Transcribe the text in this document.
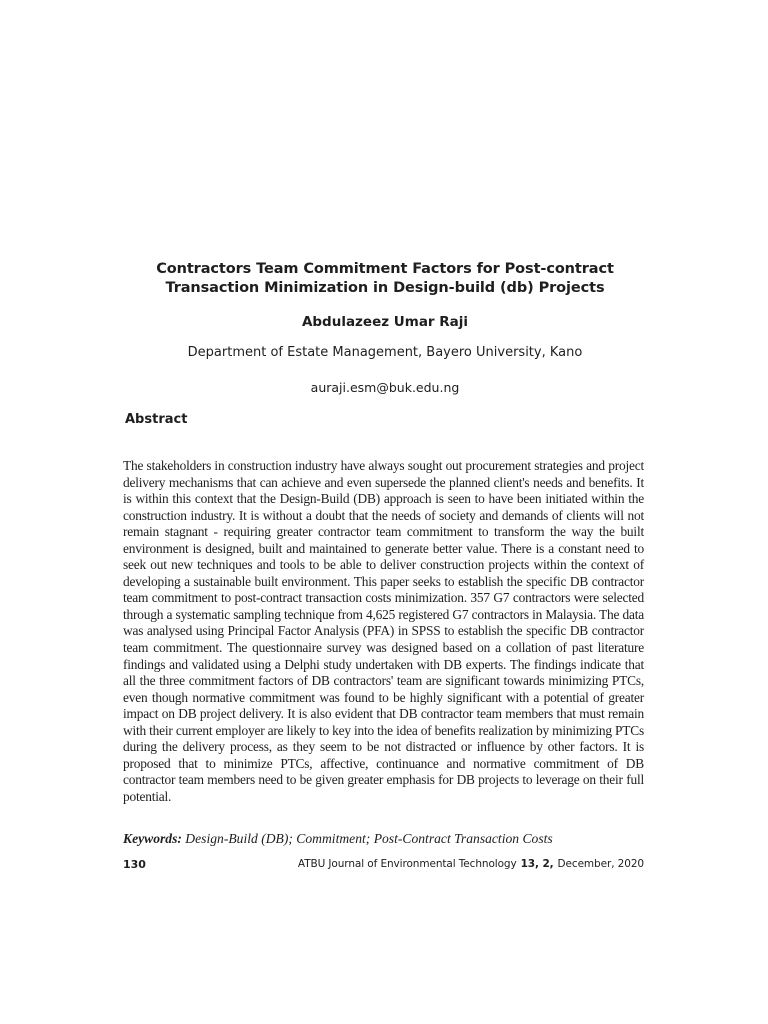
Contractors Team Commitment Factors for Post-contract
Transaction Minimization in Design-build (db) Projects
Abdulazeez Umar Raji
Department of Estate Management, Bayero University, Kano
auraji.esm@buk.edu.ng
Abstract
The stakeholders in construction industry have always sought out procurement strategies and project delivery mechanisms that can achieve and even supersede the planned client's needs and benefits. It is within this context that the Design-Build (DB) approach is seen to have been initiated within the construction industry. It is without a doubt that the needs of society and demands of clients will not remain stagnant - requiring greater contractor team commitment to transform the way the built environment is designed, built and maintained to generate better value. There is a constant need to seek out new techniques and tools to be able to deliver construction projects within the context of developing a sustainable built environment. This paper seeks to establish the specific DB contractor team commitment to post-contract transaction costs minimization. 357 G7 contractors were selected through a systematic sampling technique from 4,625 registered G7 contractors in Malaysia. The data was analysed using Principal Factor Analysis (PFA) in SPSS to establish the specific DB contractor team commitment. The questionnaire survey was designed based on a collation of past literature findings and validated using a Delphi study undertaken with DB experts. The findings indicate that all the three commitment factors of DB contractors' team are significant towards minimizing PTCs, even though normative commitment was found to be highly significant with a potential of greater impact on DB project delivery. It is also evident that DB contractor team members that must remain with their current employer are likely to key into the idea of benefits realization by minimizing PTCs during the delivery process, as they seem to be not distracted or influence by other factors. It is proposed that to minimize PTCs, affective, continuance and normative commitment of DB contractor team members need to be given greater emphasis for DB projects to leverage on their full potential.
Keywords: Design-Build (DB); Commitment; Post-Contract Transaction Costs
130	ATBU Journal of Environmental Technology 13, 2, December, 2020
